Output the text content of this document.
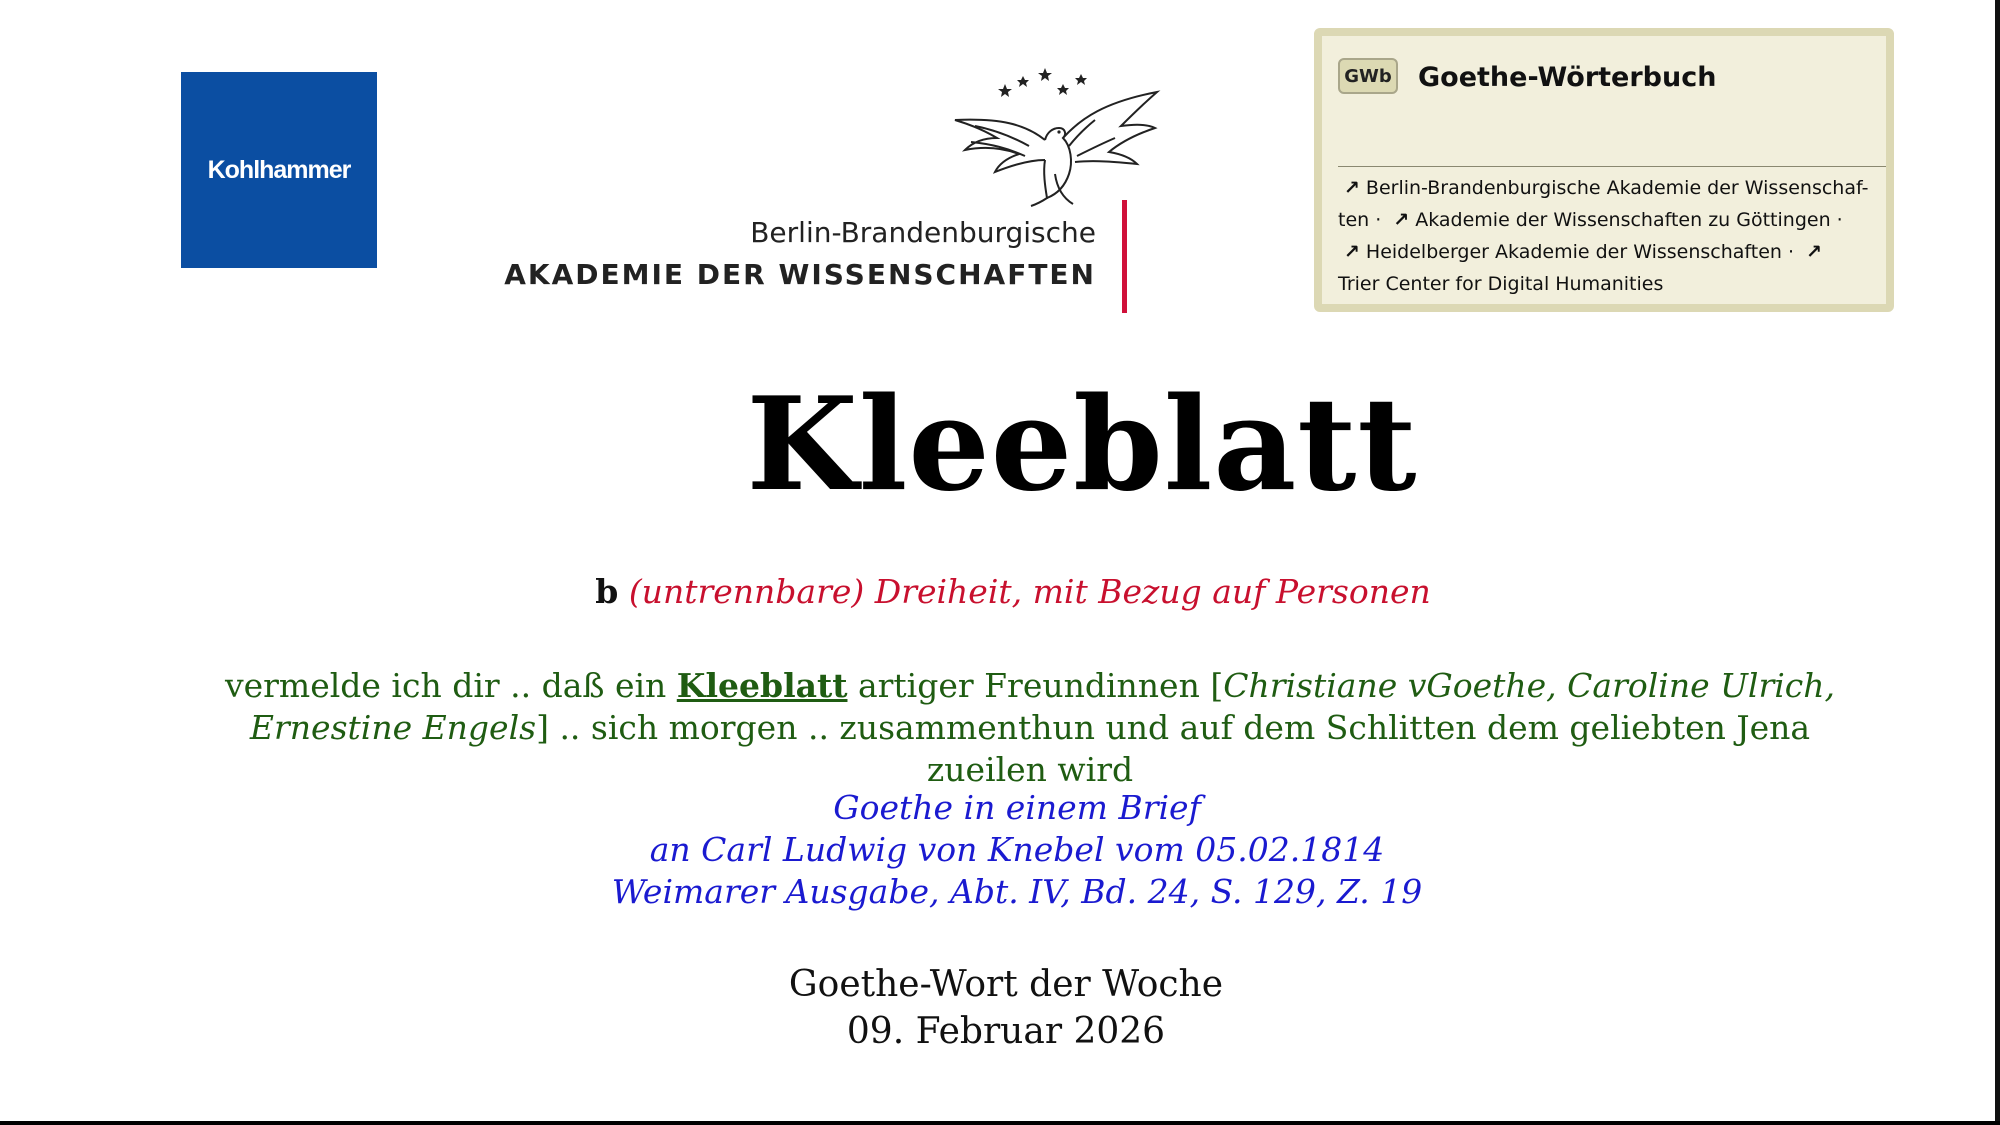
Kohlhammer
Berlin-Brandenburgische
AKADEMIE DER WISSENSCHAFTEN
GWb Goethe-Wörterbuch
↗ Berlin-Brandenburgische Akademie der Wissenschaf-
ten · ↗ Akademie der Wissenschaften zu Göttingen ·
↗ Heidelberger Akademie der Wissenschaften · ↗
Trier Center for Digital Humanities
Kleeblatt
b (untrennbare) Dreiheit, mit Bezug auf Personen
vermelde ich dir .. daß ein Kleeblatt artiger Freundinnen [Christiane vGoethe, Caroline Ulrich, Ernestine Engels] .. sich morgen .. zusammenthun und auf dem Schlitten dem geliebten Jena zueilen wird
Goethe in einem Brief
an Carl Ludwig von Knebel vom 05.02.1814
Weimarer Ausgabe, Abt. IV, Bd. 24, S. 129, Z. 19
Goethe-Wort der Woche
09. Februar 2026
